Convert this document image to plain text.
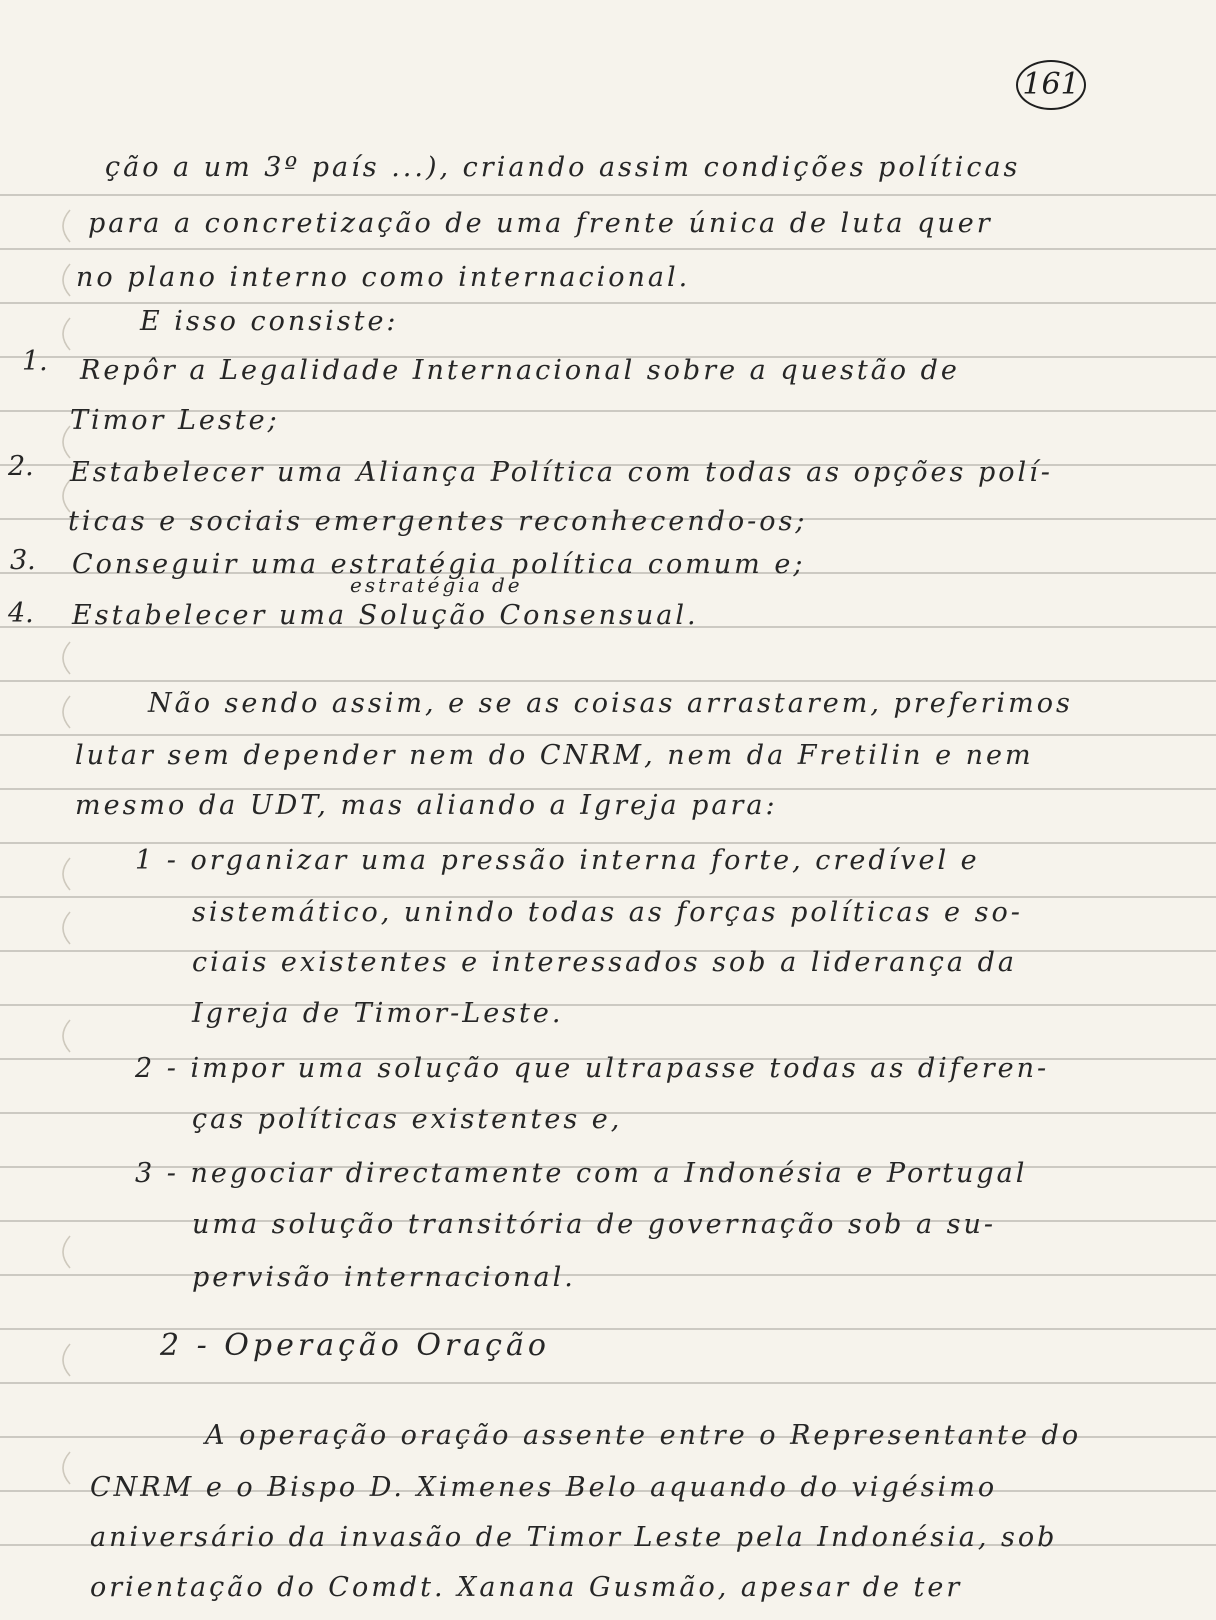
161
ção a um 3º país ...), criando assim condições políticas
para a concretização de uma frente única de luta quer
no plano interno como internacional.
E isso consiste:
1. Repôr a Legalidade Internacional sobre a questão de
Timor Leste;
2. Estabelecer uma Aliança Política com todas as opções polí-
ticas e sociais emergentes reconhecendo-os;
3. Conseguir uma estratégia política comum e;
estratégia de
4. Estabelecer uma Solução Consensual.
Não sendo assim, e se as coisas arrastarem, preferimos
lutar sem depender nem do CNRM, nem da Fretilin e nem
mesmo da UDT, mas aliando a Igreja para:
1 - organizar uma pressão interna forte, credível e
sistemático, unindo todas as forças políticas e so-
ciais existentes e interessados sob a liderança da
Igreja de Timor-Leste.
2 - impor uma solução que ultrapasse todas as diferen-
ças políticas existentes e,
3 - negociar directamente com a Indonésia e Portugal
uma solução transitória de governação sob a su-
pervisão internacional.
2 - Operação Oração
A operação oração assente entre o Representante do
CNRM e o Bispo D. Ximenes Belo aquando do vigésimo
aniversário da invasão de Timor Leste pela Indonésia, sob
orientação do Comdt. Xanana Gusmão, apesar de ter
